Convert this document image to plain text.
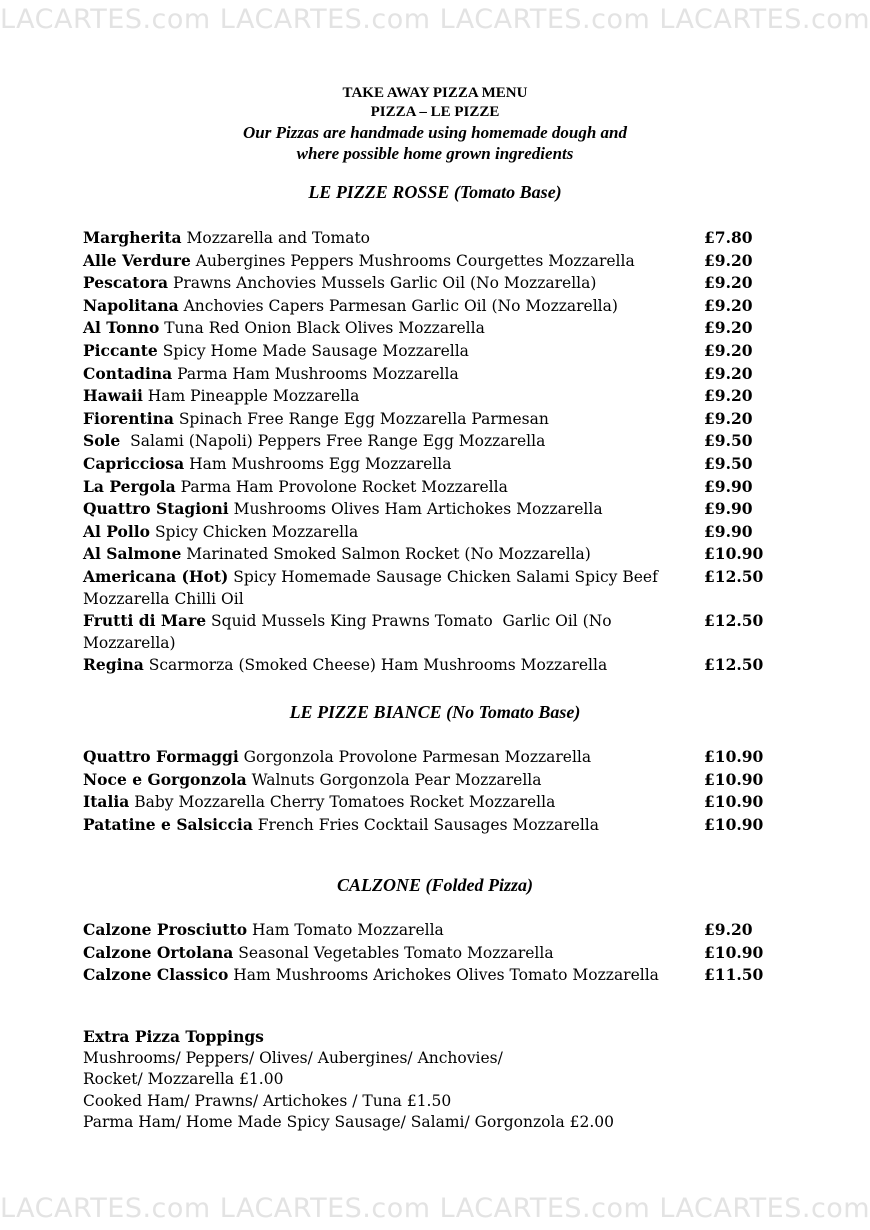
LACARTES.com LACARTES.com LACARTES.com LACARTES.com
LACARTES.com LACARTES.com LACARTES.com LACARTES.com
TAKE AWAY PIZZA MENU
PIZZA – LE PIZZE
Our Pizzas are handmade using homemade dough and
where possible home grown ingredients
LE PIZZE ROSSE (Tomato Base)
Margherita Mozzarella and Tomato	£7.80
Alle Verdure Aubergines Peppers Mushrooms Courgettes Mozzarella	£9.20
Pescatora Prawns Anchovies Mussels Garlic Oil (No Mozzarella)	£9.20
Napolitana Anchovies Capers Parmesan Garlic Oil (No Mozzarella)	£9.20
Al Tonno Tuna Red Onion Black Olives Mozzarella	£9.20
Piccante Spicy Home Made Sausage Mozzarella	£9.20
Contadina Parma Ham Mushrooms Mozzarella	£9.20
Hawaii Ham Pineapple Mozzarella	£9.20
Fiorentina Spinach Free Range Egg Mozzarella Parmesan	£9.20
Sole  Salami (Napoli) Peppers Free Range Egg Mozzarella	£9.50
Capricciosa Ham Mushrooms Egg Mozzarella	£9.50
La Pergola Parma Ham Provolone Rocket Mozzarella	£9.90
Quattro Stagioni Mushrooms Olives Ham Artichokes Mozzarella	£9.90
Al Pollo Spicy Chicken Mozzarella	£9.90
Al Salmone Marinated Smoked Salmon Rocket (No Mozzarella)	£10.90
Americana (Hot) Spicy Homemade Sausage Chicken Salami Spicy Beef Mozzarella Chilli Oil
£12.50
Frutti di Mare Squid Mussels King Prawns Tomato  Garlic Oil (No Mozzarella)
£12.50
Regina Scarmorza (Smoked Cheese) Ham Mushrooms Mozzarella	£12.50
LE PIZZE BIANCE (No Tomato Base)
Quattro Formaggi Gorgonzola Provolone Parmesan Mozzarella	£10.90
Noce e Gorgonzola Walnuts Gorgonzola Pear Mozzarella	£10.90
Italia Baby Mozzarella Cherry Tomatoes Rocket Mozzarella	£10.90
Patatine e Salsiccia French Fries Cocktail Sausages Mozzarella	£10.90
CALZONE (Folded Pizza)
Calzone Prosciutto Ham Tomato Mozzarella	£9.20
Calzone Ortolana Seasonal Vegetables Tomato Mozzarella	£10.90
Calzone Classico Ham Mushrooms Arichokes Olives Tomato Mozzarella	£11.50
Extra Pizza Toppings
Mushrooms/ Peppers/ Olives/ Aubergines/ Anchovies/
Rocket/ Mozzarella £1.00
Cooked Ham/ Prawns/ Artichokes / Tuna £1.50
Parma Ham/ Home Made Spicy Sausage/ Salami/ Gorgonzola £2.00
